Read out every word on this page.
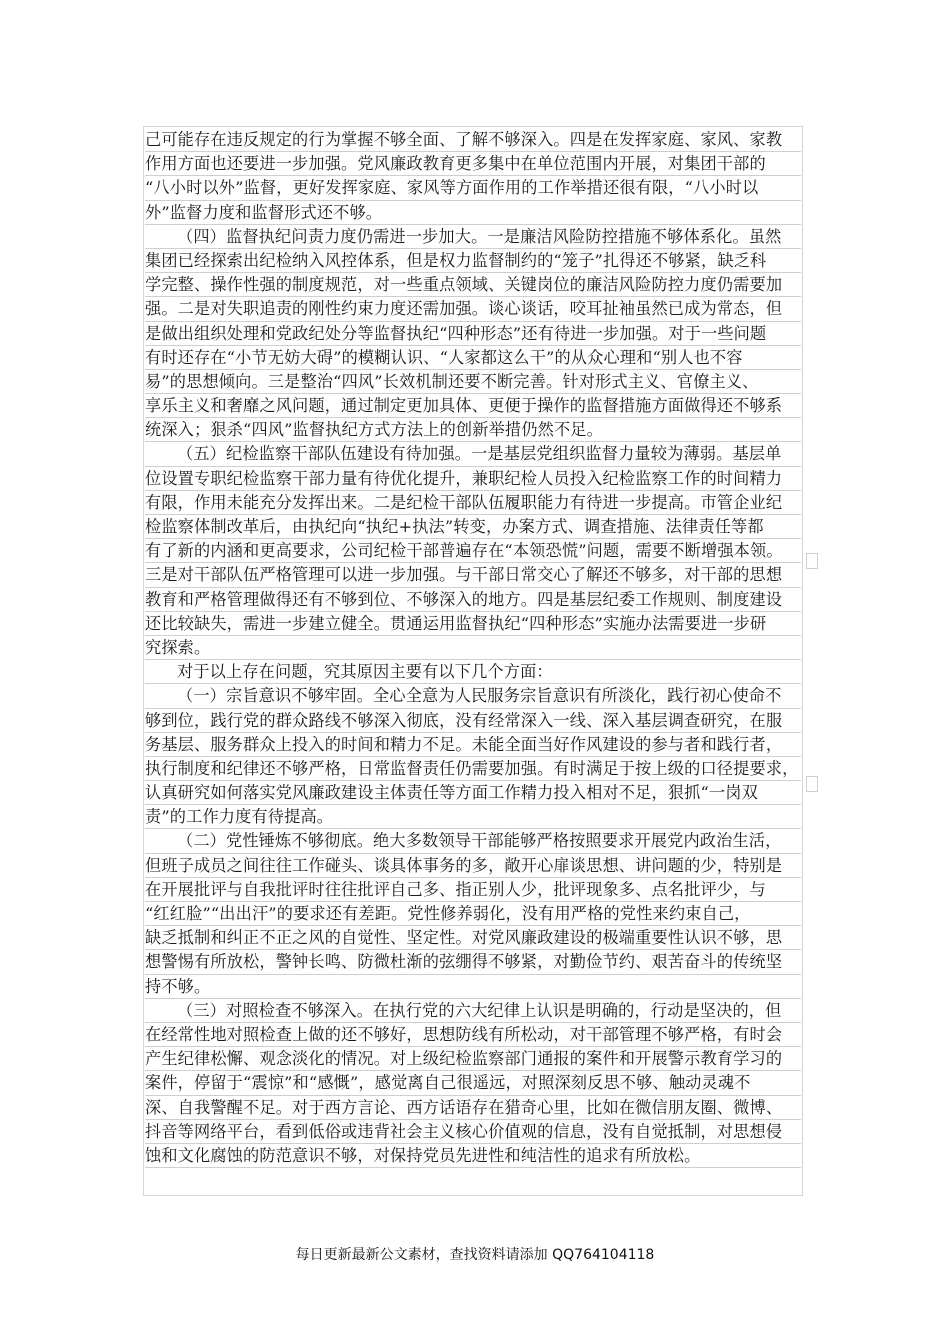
己可能存在违反规定的行为掌握不够全面、了解不够深入。四是在发挥家庭、家风、家教
作用方面也还要进一步加强。党风廉政教育更多集中在单位范围内开展，对集团干部的
“八小时以外”监督，更好发挥家庭、家风等方面作用的工作举措还很有限，“八小时以
外”监督力度和监督形式还不够。
（四）监督执纪问责力度仍需进一步加大。一是廉洁风险防控措施不够体系化。虽然
集团已经探索出纪检纳入风控体系，但是权力监督制约的“笼子”扎得还不够紧，缺乏科
学完整、操作性强的制度规范，对一些重点领域、关键岗位的廉洁风险防控力度仍需要加
强。二是对失职追责的刚性约束力度还需加强。谈心谈话，咬耳扯袖虽然已成为常态，但
是做出组织处理和党政纪处分等监督执纪“四种形态”还有待进一步加强。对于一些问题
有时还存在“小节无妨大碍”的模糊认识、“人家都这么干”的从众心理和“别人也不容
易”的思想倾向。三是整治“四风”长效机制还要不断完善。针对形式主义、官僚主义、
享乐主义和奢靡之风问题，通过制定更加具体、更便于操作的监督措施方面做得还不够系
统深入；狠杀“四风”监督执纪方式方法上的创新举措仍然不足。
（五）纪检监察干部队伍建设有待加强。一是基层党组织监督力量较为薄弱。基层单
位设置专职纪检监察干部力量有待优化提升，兼职纪检人员投入纪检监察工作的时间精力
有限，作用未能充分发挥出来。二是纪检干部队伍履职能力有待进一步提高。市管企业纪
检监察体制改革后，由执纪向“执纪+执法”转变，办案方式、调查措施、法律责任等都
有了新的内涵和更高要求，公司纪检干部普遍存在“本领恐慌”问题，需要不断增强本领。
三是对干部队伍严格管理可以进一步加强。与干部日常交心了解还不够多，对干部的思想
教育和严格管理做得还有不够到位、不够深入的地方。四是基层纪委工作规则、制度建设
还比较缺失，需进一步建立健全。贯通运用监督执纪“四种形态”实施办法需要进一步研
究探索。
对于以上存在问题，究其原因主要有以下几个方面：
（一）宗旨意识不够牢固。全心全意为人民服务宗旨意识有所淡化，践行初心使命不
够到位，践行党的群众路线不够深入彻底，没有经常深入一线、深入基层调查研究，在服
务基层、服务群众上投入的时间和精力不足。未能全面当好作风建设的参与者和践行者，
执行制度和纪律还不够严格，日常监督责任仍需要加强。有时满足于按上级的口径提要求，
认真研究如何落实党风廉政建设主体责任等方面工作精力投入相对不足，狠抓“一岗双
责”的工作力度有待提高。
（二）党性锤炼不够彻底。绝大多数领导干部能够严格按照要求开展党内政治生活，
但班子成员之间往往工作碰头、谈具体事务的多，敞开心扉谈思想、讲问题的少，特别是
在开展批评与自我批评时往往批评自己多、指正别人少，批评现象多、点名批评少，与
“红红脸”“出出汗”的要求还有差距。党性修养弱化，没有用严格的党性来约束自己，
缺乏抵制和纠正不正之风的自觉性、坚定性。对党风廉政建设的极端重要性认识不够，思
想警惕有所放松，警钟长鸣、防微杜渐的弦绷得不够紧，对勤俭节约、艰苦奋斗的传统坚
持不够。
（三）对照检查不够深入。在执行党的六大纪律上认识是明确的，行动是坚决的，但
在经常性地对照检查上做的还不够好，思想防线有所松动，对干部管理不够严格，有时会
产生纪律松懈、观念淡化的情况。对上级纪检监察部门通报的案件和开展警示教育学习的
案件，停留于“震惊”和“感慨”，感觉离自己很遥远，对照深刻反思不够、触动灵魂不
深、自我警醒不足。对于西方言论、西方话语存在猎奇心里，比如在微信朋友圈、微博、
抖音等网络平台，看到低俗或违背社会主义核心价值观的信息，没有自觉抵制，对思想侵
蚀和文化腐蚀的防范意识不够，对保持党员先进性和纯洁性的追求有所放松。
每日更新最新公文素材，查找资料请添加 QQ764104118
